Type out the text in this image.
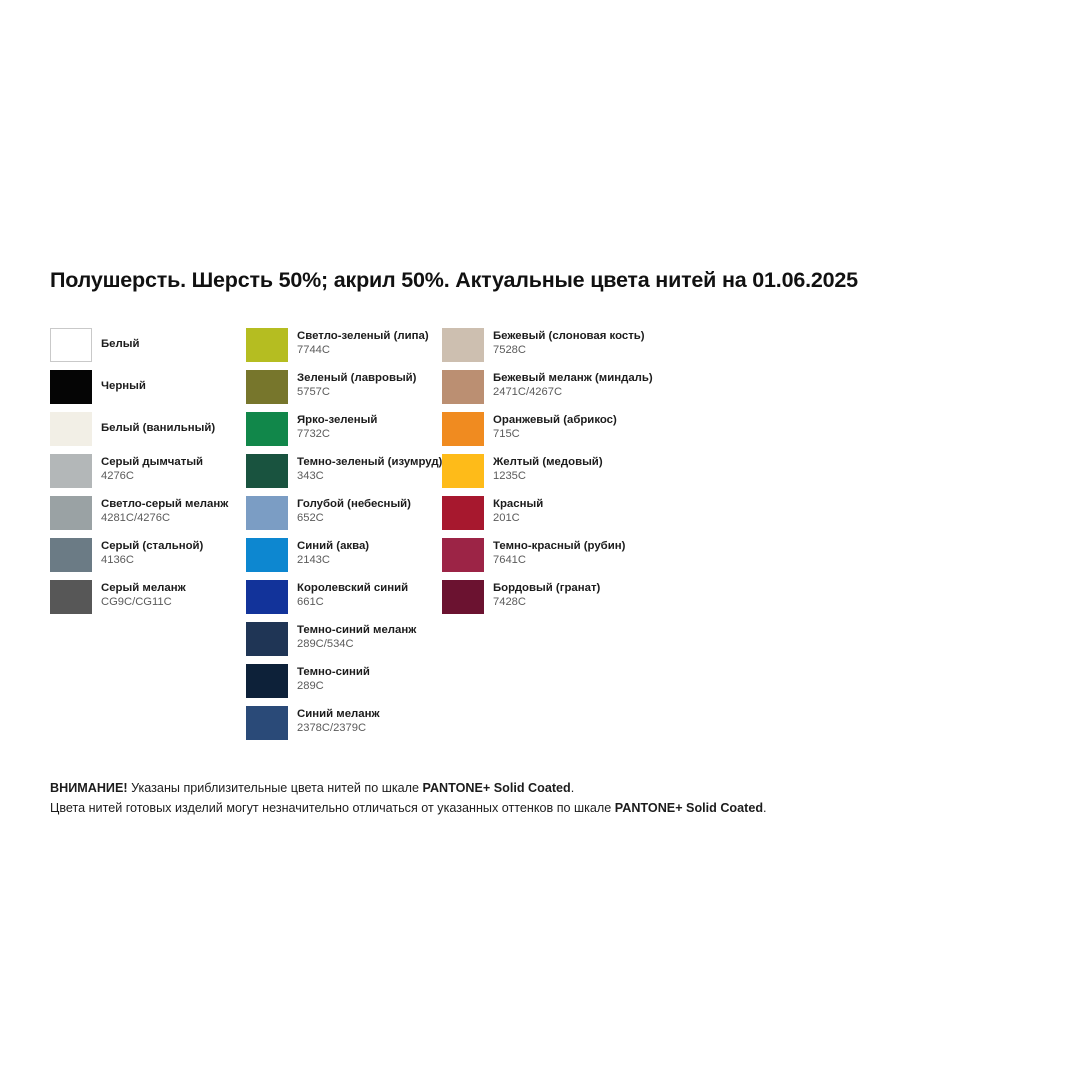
Полушерсть. Шерсть 50%; акрил 50%. Актуальные цвета нитей на 01.06.2025
Белый
Черный
Белый (ванильный)
Серый дымчатый
4276C
Светло-серый меланж
4281C/4276C
Серый (стальной)
4136C
Серый меланж
CG9C/CG11C
Светло-зеленый (липа)
7744C
Зеленый (лавровый)
5757C
Ярко-зеленый
7732C
Темно-зеленый (изумруд)
343C
Голубой (небесный)
652C
Синий (аква)
2143C
Королевский синий
661C
Темно-синий меланж
289C/534C
Темно-синий
289C
Синий меланж
2378C/2379C
Бежевый (слоновая кость)
7528C
Бежевый меланж (миндаль)
2471C/4267C
Оранжевый (абрикос)
715C
Желтый (медовый)
1235C
Красный
201C
Темно-красный (рубин)
7641C
Бордовый (гранат)
7428C
ВНИМАНИЕ! Указаны приблизительные цвета нитей по шкале PANTONE+ Solid Coated.
Цвета нитей готовых изделий могут незначительно отличаться от указанных оттенков по шкале PANTONE+ Solid Coated.
